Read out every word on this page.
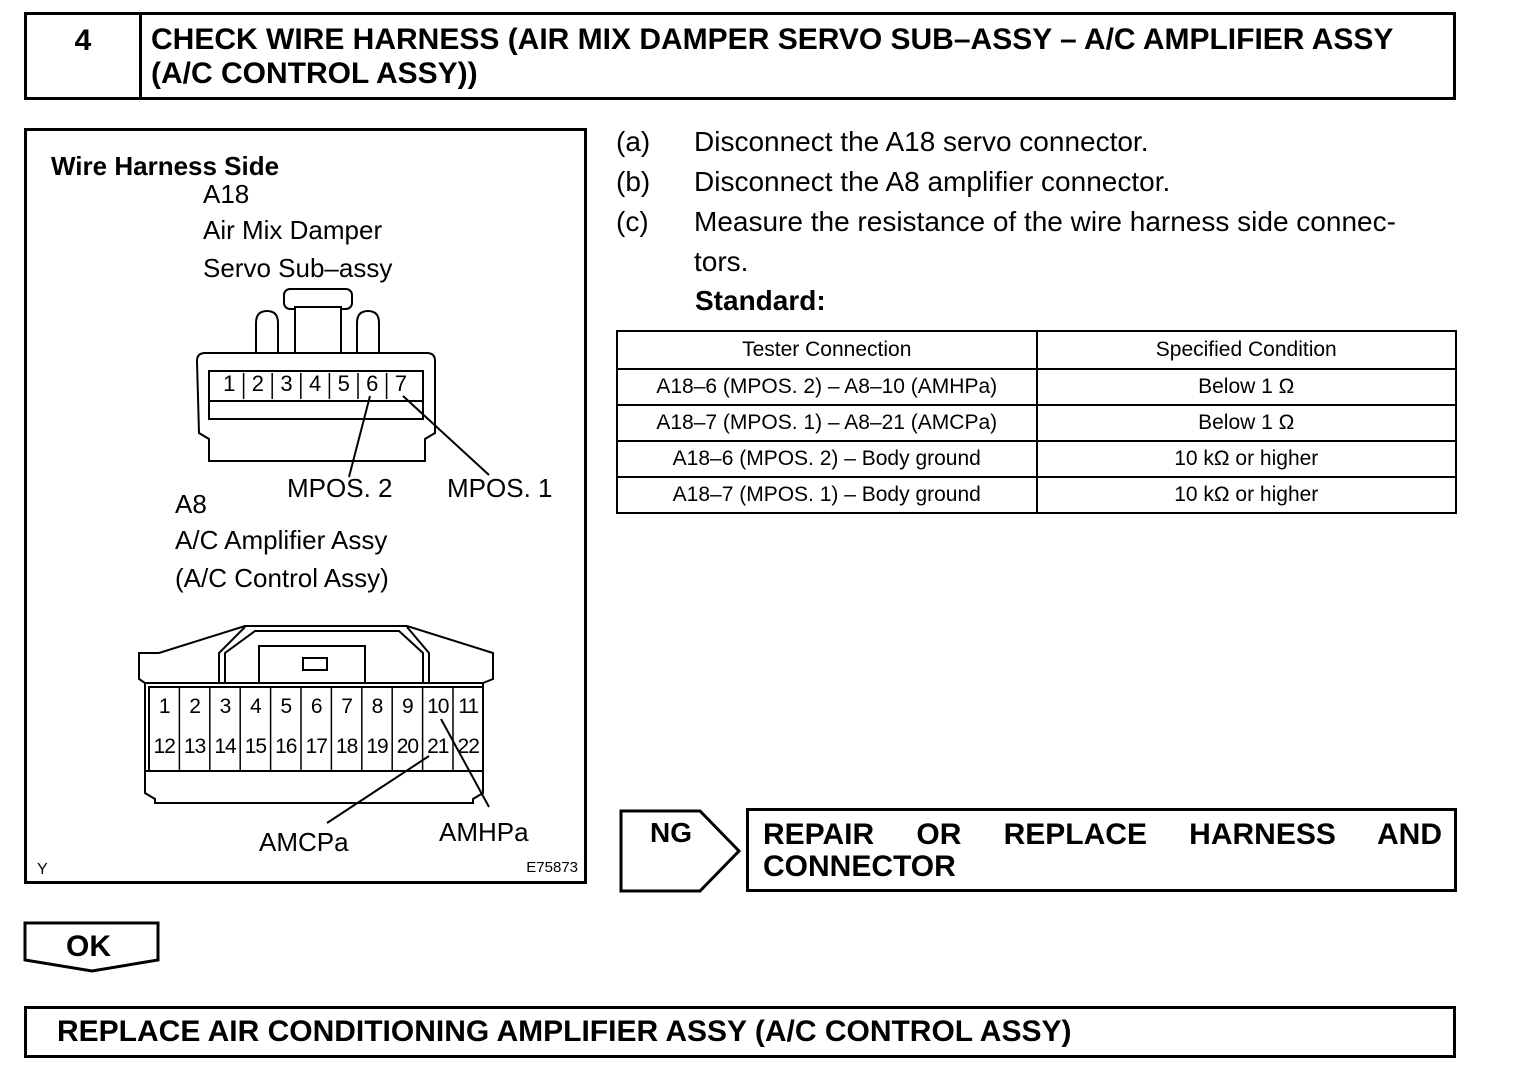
4	CHECK WIRE HARNESS (AIR MIX DAMPER SERVO SUB–ASSY – A/C AMPLIFIER ASSY (A/C CONTROL ASSY))
Wire Harness Side
A18
Air Mix Damper
Servo Sub–assy
1 2 3 4 5 6 7
MPOS. 2 MPOS. 1
A8
A/C Amplifier Assy
(A/C Control Assy)
1 2 3 4 5 6 7 8 9 10 11
12 13 14 15 16 17 18 19 20 21 22
AMCPa	AMHPa
Y	E75873
(a) Disconnect the A18 servo connector.
(b) Disconnect the A8 amplifier connector.
(c) Measure the resistance of the wire harness side connec-
tors.
Standard:
Tester Connection	Specified Condition
A18–6 (MPOS. 2) – A8–10 (AMHPa)	Below 1 Ω
A18–7 (MPOS. 1) – A8–21 (AMCPa)	Below 1 Ω
A18–6 (MPOS. 2) – Body ground	10 kΩ or higher
A18–7 (MPOS. 1) – Body ground	10 kΩ or higher
NG REPAIR OR REPLACE HARNESS AND
CONNECTOR
OK
REPLACE AIR CONDITIONING AMPLIFIER ASSY (A/C CONTROL ASSY)
